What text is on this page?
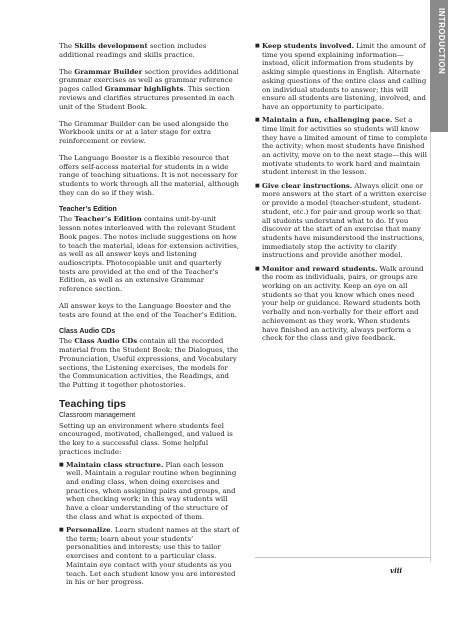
INTRODUCTION

The Skills development section includes additional readings and skills practice.

The Grammar Builder section provides additional grammar exercises as well as grammar reference pages called Grammar highlights. This section reviews and clarifies structures presented in each unit of the Student Book.

The Grammar Builder can be used alongside the Workbook units or at a later stage for extra reinforcement or review.

The Language Booster is a flexible resource that offers self-access material for students in a wide range of teaching situations. It is not necessary for students to work through all the material, although they can do so if they wish.

Teacher’s Edition

The Teacher’s Edition contains unit-by-unit lesson notes interleaved with the relevant Student Book pages. The notes include suggestions on how to teach the material, ideas for extension activities, as well as all answer keys and listening audioscripts. Photocopiable unit and quarterly tests are provided at the end of the Teacher’s Edition, as well as an extensive Grammar reference section.

All answer keys to the Language Booster and the tests are found at the end of the Teacher’s Edition.

Class Audio CDs

The Class Audio CDs contain all the recorded material from the Student Book: the Dialogues, the Pronunciation, Useful expressions, and Vocabulary sections, the Listening exercises, the models for the Communication activities, the Readings, and the Putting it together photostories.

Teaching tips
Classroom management

Setting up an environment where students feel encouraged, motivated, challenged, and valued is the key to a successful class. Some helpful practices include:

■ Maintain class structure. Plan each lesson well. Maintain a regular routine when beginning and ending class, when doing exercises and practices, when assigning pairs and groups, and when checking work; in this way students will have a clear understanding of the structure of the class and what is expected of them.
■ Personalize. Learn student names at the start of the term; learn about your students’ personalities and interests; use this to tailor exercises and content to a particular class. Maintain eye contact with your students as you teach. Let each student know you are interested in his or her progress.
■ Keep students involved. Limit the amount of time you spend explaining information—instead, elicit information from students by asking simple questions in English. Alternate asking questions of the entire class and calling on individual students to answer; this will ensure all students are listening, involved, and have an opportunity to participate.
■ Maintain a fun, challenging pace. Set a time limit for activities so students will know they have a limited amount of time to complete the activity; when most students have finished an activity, move on to the next stage—this will motivate students to work hard and maintain student interest in the lesson.
■ Give clear instructions. Always elicit one or more answers at the start of a written exercise or provide a model (teacher-student, student-student, etc.) for pair and group work so that all students understand what to do. If you discover at the start of an exercise that many students have misunderstood the instructions, immediately stop the activity to clarify instructions and provide another model.
■ Monitor and reward students. Walk around the room as individuals, pairs, or groups are working on an activity. Keep an eye on all students so that you know which ones need your help or guidance. Reward students both verbally and non-verbally for their effort and achievement as they work. When students have finished an activity, always perform a check for the class and give feedback.
viii
